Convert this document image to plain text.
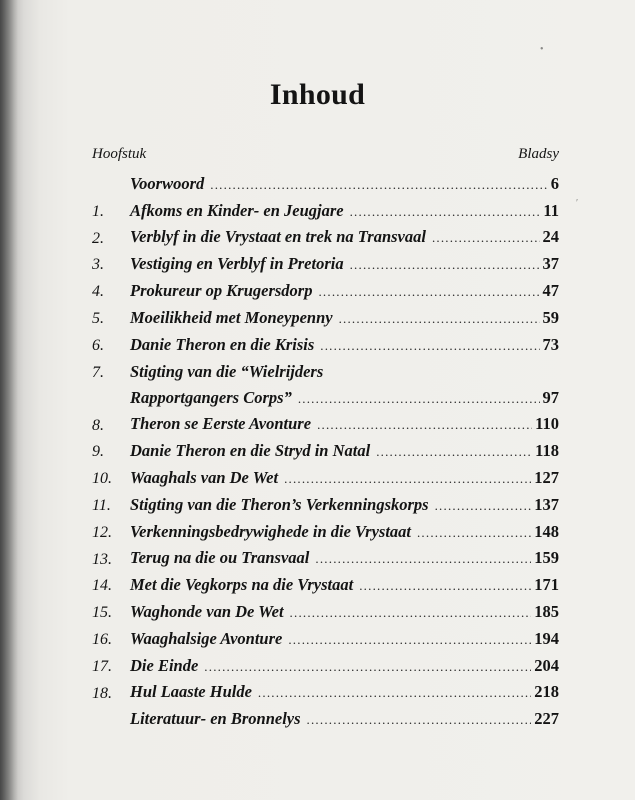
Inhoud
Hoofstuk	Bladsy
Voorwoord .....	6
1. Afkoms en Kinder- en Jeugjare .....	11
2. Verblyf in die Vrystaat en trek na Transvaal .....	24
3. Vestiging en Verblyf in Pretoria .....	37
4. Prokureur op Krugersdorp .....	47
5. Moeilikheid met Moneypenny .....	59
6. Danie Theron en die Krisis .....	73
7. Stigting van die “Wielrijders
Rapportgangers Corps” .....	97
8. Theron se Eerste Avonture .....	110
9. Danie Theron en die Stryd in Natal .....	118
10. Waaghals van De Wet .....	127
11. Stigting van die Theron’s Verkenningskorps .....	137
12. Verkenningsbedrywighede in die Vrystaat .....	148
13. Terug na die ou Transvaal .....	159
14. Met die Vegkorps na die Vrystaat .....	171
15. Waghonde van De Wet .....	185
16. Waaghalsige Avonture .....	194
17. Die Einde .....	204
18. Hul Laaste Hulde .....	218
Literatuur- en Bronnelys .....	227
•
′
